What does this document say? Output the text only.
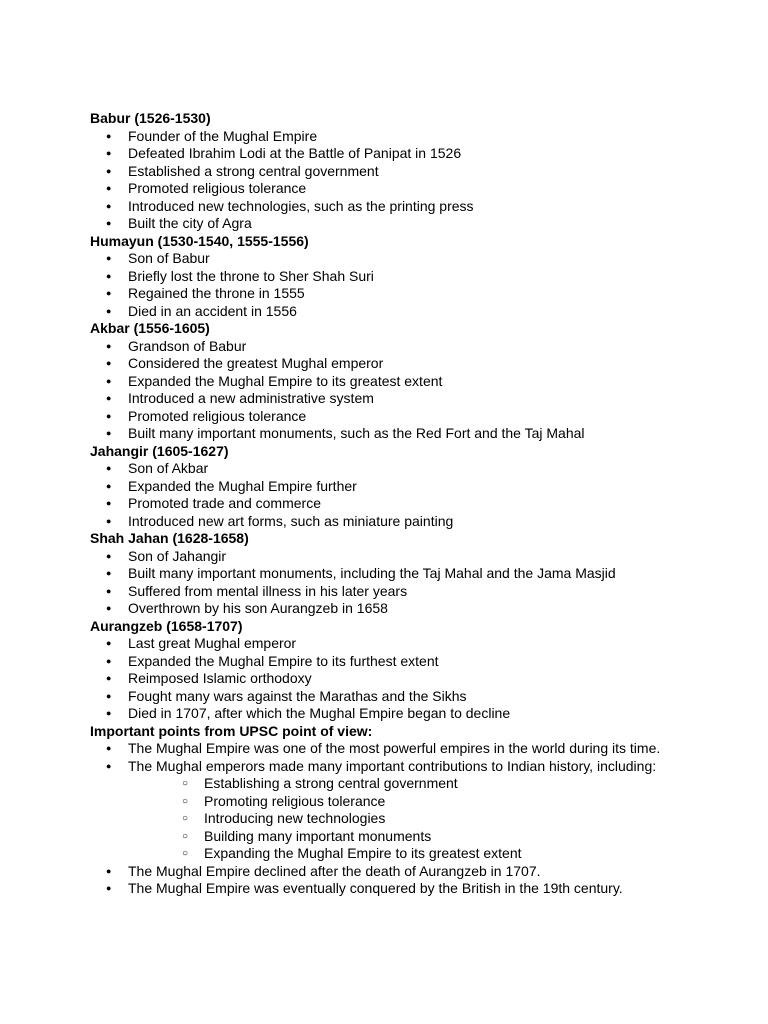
Babur (1526-1530)
● Founder of the Mughal Empire
● Defeated Ibrahim Lodi at the Battle of Panipat in 1526
● Established a strong central government
● Promoted religious tolerance
● Introduced new technologies, such as the printing press
● Built the city of Agra
Humayun (1530-1540, 1555-1556)
● Son of Babur
● Briefly lost the throne to Sher Shah Suri
● Regained the throne in 1555
● Died in an accident in 1556
Akbar (1556-1605)
● Grandson of Babur
● Considered the greatest Mughal emperor
● Expanded the Mughal Empire to its greatest extent
● Introduced a new administrative system
● Promoted religious tolerance
● Built many important monuments, such as the Red Fort and the Taj Mahal
Jahangir (1605-1627)
● Son of Akbar
● Expanded the Mughal Empire further
● Promoted trade and commerce
● Introduced new art forms, such as miniature painting
Shah Jahan (1628-1658)
● Son of Jahangir
● Built many important monuments, including the Taj Mahal and the Jama Masjid
● Suffered from mental illness in his later years
● Overthrown by his son Aurangzeb in 1658
Aurangzeb (1658-1707)
● Last great Mughal emperor
● Expanded the Mughal Empire to its furthest extent
● Reimposed Islamic orthodoxy
● Fought many wars against the Marathas and the Sikhs
● Died in 1707, after which the Mughal Empire began to decline
Important points from UPSC point of view:
● The Mughal Empire was one of the most powerful empires in the world during its time.
● The Mughal emperors made many important contributions to Indian history, including:
○ Establishing a strong central government
○ Promoting religious tolerance
○ Introducing new technologies
○ Building many important monuments
○ Expanding the Mughal Empire to its greatest extent
● The Mughal Empire declined after the death of Aurangzeb in 1707.
● The Mughal Empire was eventually conquered by the British in the 19th century.
